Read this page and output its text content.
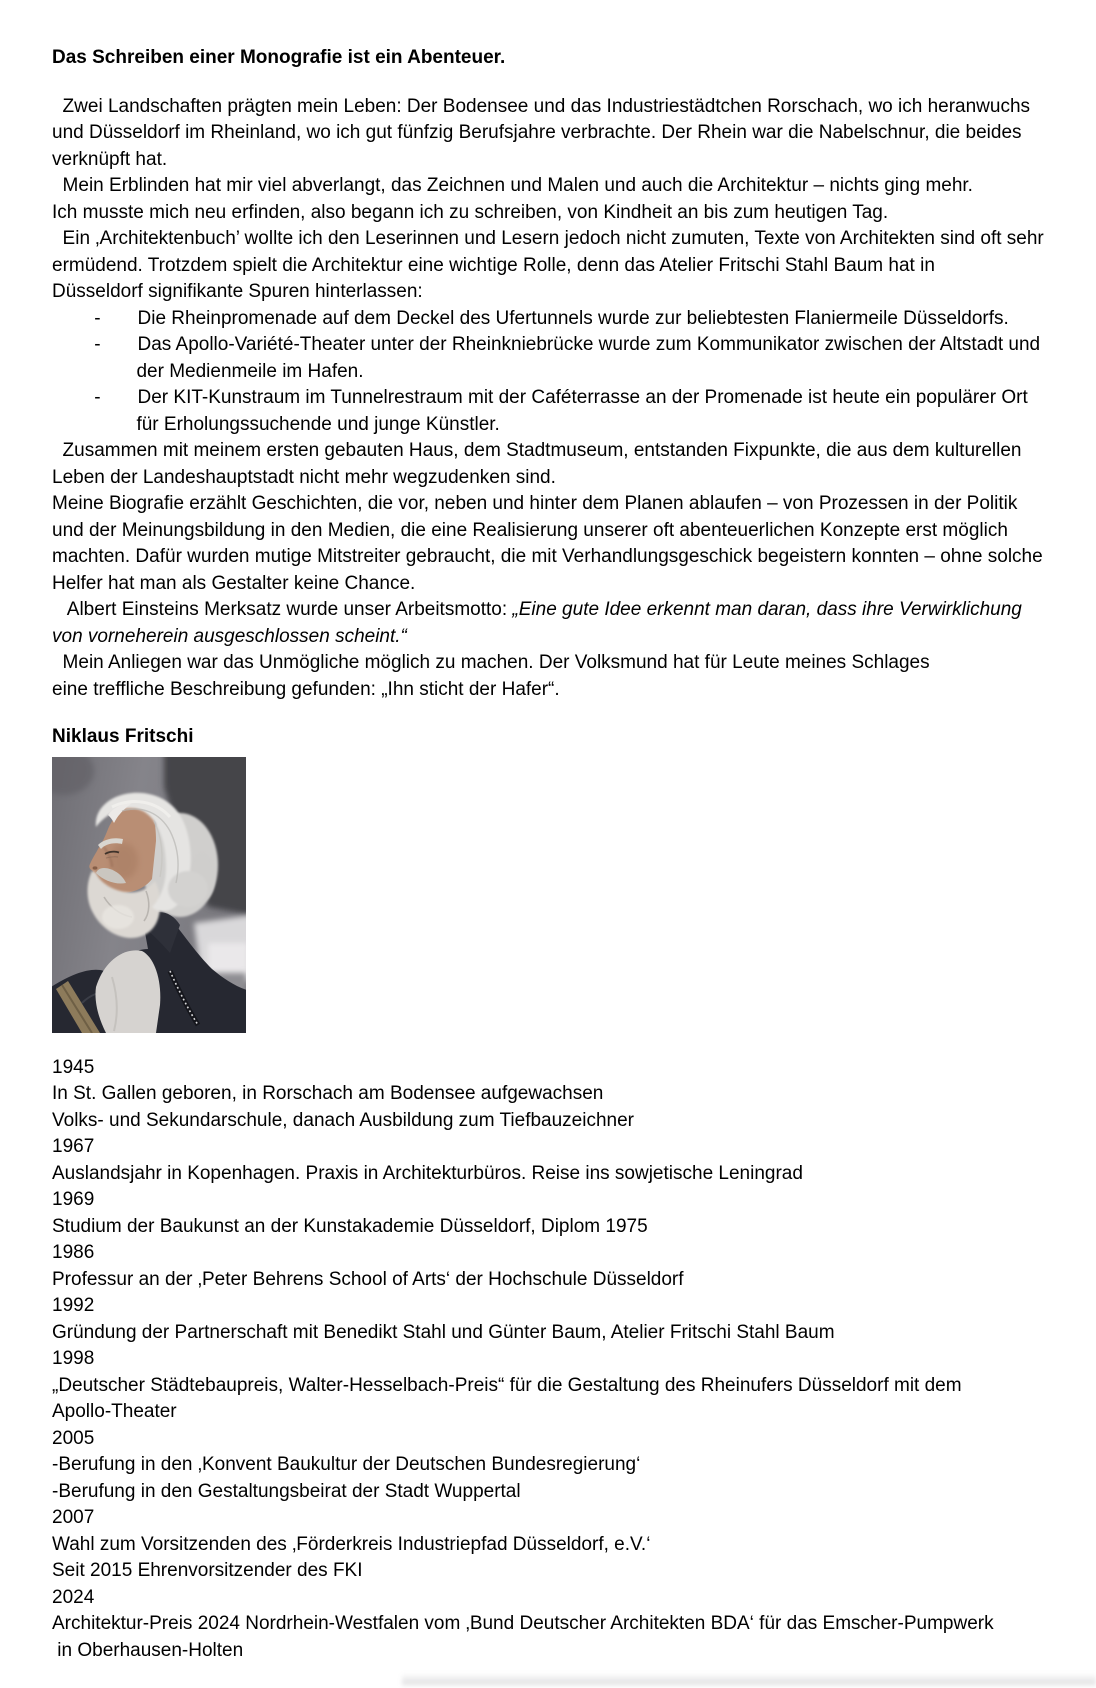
Das Schreiben einer Monografie ist ein Abenteuer.
Zwei Landschaften prägten mein Leben: Der Bodensee und das Industriestädtchen Rorschach, wo ich heranwuchs
und Düsseldorf im Rheinland, wo ich gut fünfzig Berufsjahre verbrachte. Der Rhein war die Nabelschnur, die beides
verknüpft hat.
Mein Erblinden hat mir viel abverlangt, das Zeichnen und Malen und auch die Architektur – nichts ging mehr.
Ich musste mich neu erfinden, also begann ich zu schreiben, von Kindheit an bis zum heutigen Tag.
Ein ‚Architektenbuch’ wollte ich den Leserinnen und Lesern jedoch nicht zumuten, Texte von Architekten sind oft sehr
ermüdend. Trotzdem spielt die Architektur eine wichtige Rolle, denn das Atelier Fritschi Stahl Baum hat in
Düsseldorf signifikante Spuren hinterlassen:
-       Die Rheinpromenade auf dem Deckel des Ufertunnels wurde zur beliebtesten Flaniermeile Düsseldorfs.
-       Das Apollo-Variété-Theater unter der Rheinkniebrücke wurde zum Kommunikator zwischen der Altstadt und
der Medienmeile im Hafen.
-       Der KIT-Kunstraum im Tunnelrestraum mit der Caféterrasse an der Promenade ist heute ein populärer Ort
für Erholungssuchende und junge Künstler.
Zusammen mit meinem ersten gebauten Haus, dem Stadtmuseum, entstanden Fixpunkte, die aus dem kulturellen
Leben der Landeshauptstadt nicht mehr wegzudenken sind.
Meine Biografie erzählt Geschichten, die vor, neben und hinter dem Planen ablaufen – von Prozessen in der Politik
und der Meinungsbildung in den Medien, die eine Realisierung unserer oft abenteuerlichen Konzepte erst möglich
machten. Dafür wurden mutige Mitstreiter gebraucht, die mit Verhandlungsgeschick begeistern konnten – ohne solche
Helfer hat man als Gestalter keine Chance.
Albert Einsteins Merksatz wurde unser Arbeitsmotto: „Eine gute Idee erkennt man daran, dass ihre Verwirklichung
von vorneherein ausgeschlossen scheint.“
Mein Anliegen war das Unmögliche möglich zu machen. Der Volksmund hat für Leute meines Schlages
eine treffliche Beschreibung gefunden: „Ihn sticht der Hafer“.
Niklaus Fritschi
1945
In St. Gallen geboren, in Rorschach am Bodensee aufgewachsen
Volks- und Sekundarschule, danach Ausbildung zum Tiefbauzeichner
1967
Auslandsjahr in Kopenhagen. Praxis in Architekturbüros. Reise ins sowjetische Leningrad
1969
Studium der Baukunst an der Kunstakademie Düsseldorf, Diplom 1975
1986
Professur an der ‚Peter Behrens School of Arts‘ der Hochschule Düsseldorf
1992
Gründung der Partnerschaft mit Benedikt Stahl und Günter Baum, Atelier Fritschi Stahl Baum
1998
„Deutscher Städtebaupreis, Walter-Hesselbach-Preis“ für die Gestaltung des Rheinufers Düsseldorf mit dem
Apollo-Theater
2005
-Berufung in den ‚Konvent Baukultur der Deutschen Bundesregierung‘
-Berufung in den Gestaltungsbeirat der Stadt Wuppertal
2007
Wahl zum Vorsitzenden des ‚Förderkreis Industriepfad Düsseldorf, e.V.‘
Seit 2015 Ehrenvorsitzender des FKI
2024
Architektur-Preis 2024 Nordrhein-Westfalen vom ‚Bund Deutscher Architekten BDA‘ für das Emscher-Pumpwerk
in Oberhausen-Holten
